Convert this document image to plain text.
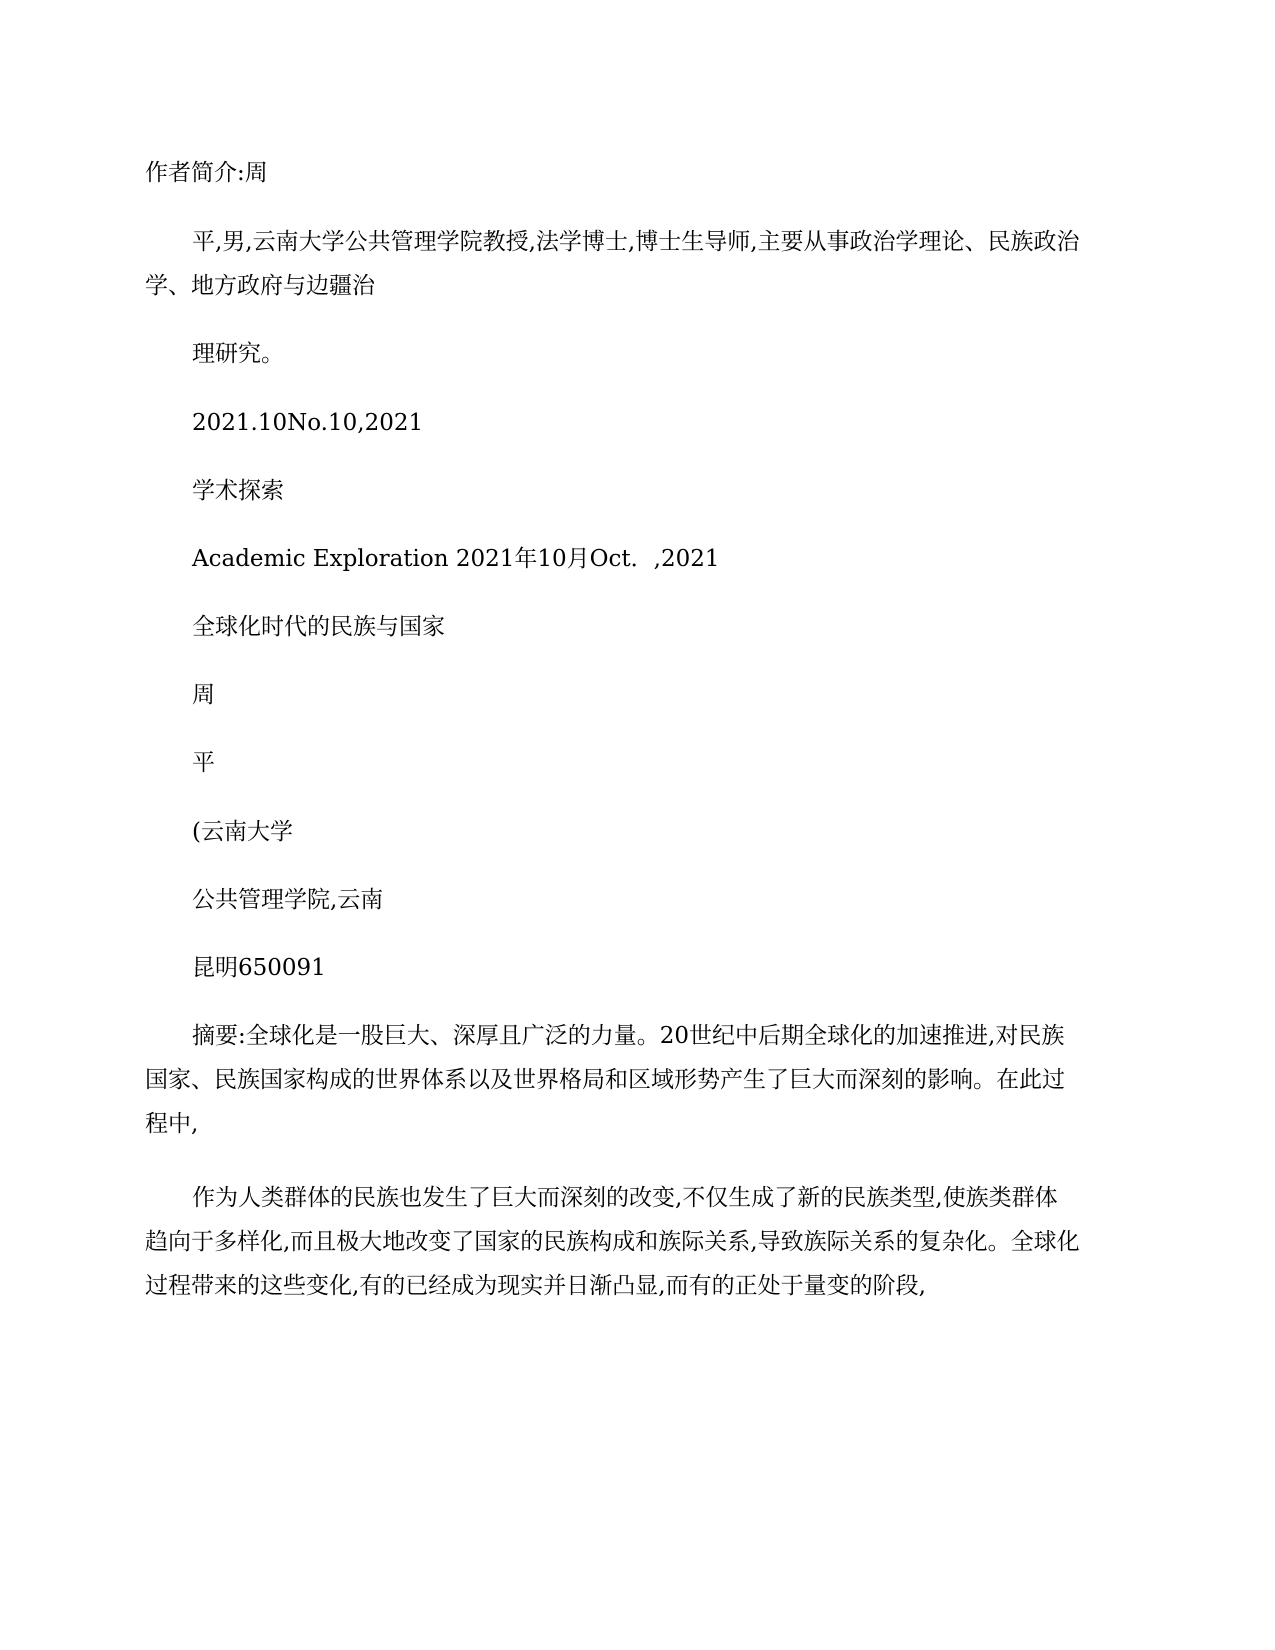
作者简介:周
平,男,云南大学公共管理学院教授,法学博士,博士生导师,主要从事政治学理论、民族政治学、地方政府与边疆治
理研究。
2021.10No.10,2021
学术探索
Academic Exploration 2021年10月Oct．,2021
全球化时代的民族与国家
周
平
(云南大学
公共管理学院,云南
昆明650091
摘要:全球化是一股巨大、深厚且广泛的力量。20世纪中后期全球化的加速推进,对民族国家、民族国家构成的世界体系以及世界格局和区域形势产生了巨大而深刻的影响。在此过程中,
作为人类群体的民族也发生了巨大而深刻的改变,不仅生成了新的民族类型,使族类群体趋向于多样化,而且极大地改变了国家的民族构成和族际关系,导致族际关系的复杂化。全球化过程带来的这些变化,有的已经成为现实并日渐凸显,而有的正处于量变的阶段,
